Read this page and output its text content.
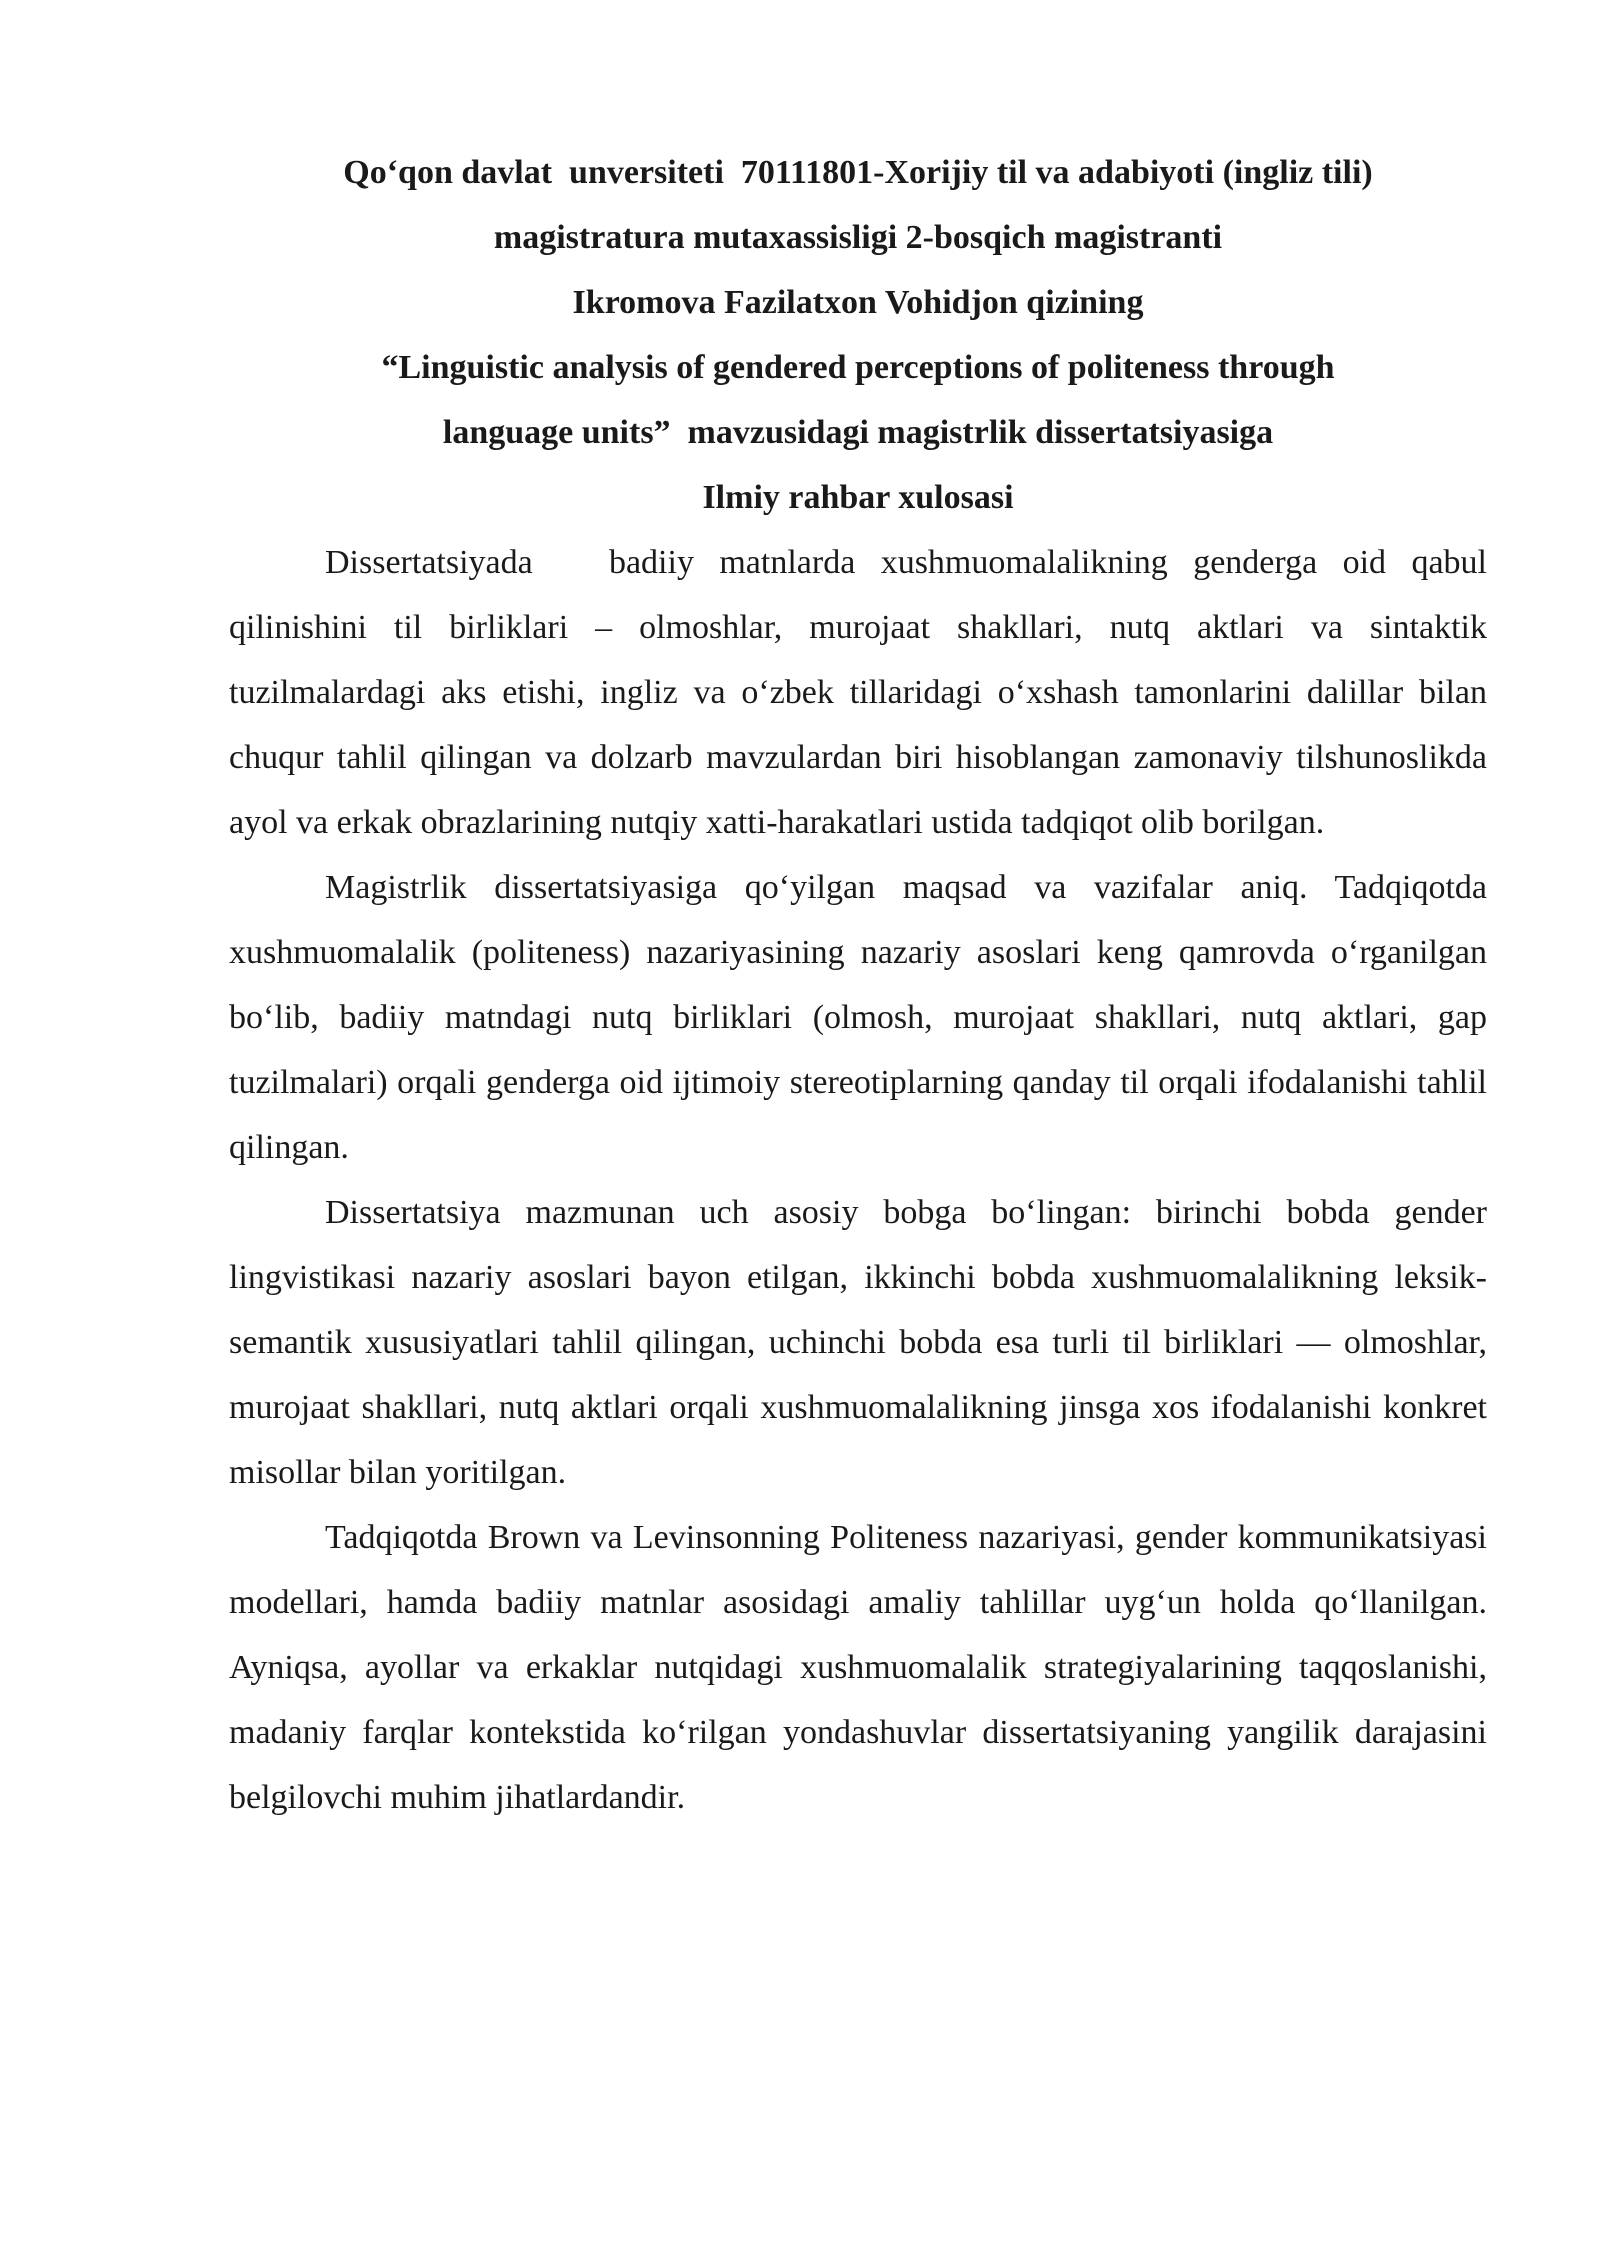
Qo‘qon davlat  unversiteti  70111801-Xorijiy til va adabiyoti (ingliz tili)
magistratura mutaxassisligi 2-bosqich magistranti
Ikromova Fazilatxon Vohidjon qizining
“Linguistic analysis of gendered perceptions of politeness through
language units”  mavzusidagi magistrlik dissertatsiyasiga
Ilmiy rahbar xulosasi

Dissertatsiyada   badiiy matnlarda xushmuomalalikning genderga oid qabul qilinishini til birliklari – olmoshlar, murojaat shakllari, nutq aktlari va sintaktik tuzilmalardagi aks etishi, ingliz va o‘zbek tillaridagi o‘xshash tamonlarini dalillar bilan chuqur tahlil qilingan va dolzarb mavzulardan biri hisoblangan zamonaviy tilshunoslikda ayol va erkak obrazlarining nutqiy xatti-harakatlari ustida tadqiqot olib borilgan.

Magistrlik dissertatsiyasiga qo‘yilgan maqsad va vazifalar aniq. Tadqiqotda xushmuomalalik (politeness) nazariyasining nazariy asoslari keng qamrovda o‘rganilgan bo‘lib, badiiy matndagi nutq birliklari (olmosh, murojaat shakllari, nutq aktlari, gap tuzilmalari) orqali genderga oid ijtimoiy stereotiplarning qanday til orqali ifodalanishi tahlil qilingan.

Dissertatsiya mazmunan uch asosiy bobga bo‘lingan: birinchi bobda gender lingvistikasi nazariy asoslari bayon etilgan, ikkinchi bobda xushmuomalalikning leksik-semantik xususiyatlari tahlil qilingan, uchinchi bobda esa turli til birliklari — olmoshlar, murojaat shakllari, nutq aktlari orqali xushmuomalalikning jinsga xos ifodalanishi konkret misollar bilan yoritilgan.

Tadqiqotda Brown va Levinsonning Politeness nazariyasi, gender kommunikatsiyasi modellari, hamda badiiy matnlar asosidagi amaliy tahlillar uyg‘un holda qo‘llanilgan. Ayniqsa, ayollar va erkaklar nutqidagi xushmuomalalik strategiyalarining taqqoslanishi, madaniy farqlar kontekstida ko‘rilgan yondashuvlar dissertatsiyaning yangilik darajasini belgilovchi muhim jihatlardandir.
